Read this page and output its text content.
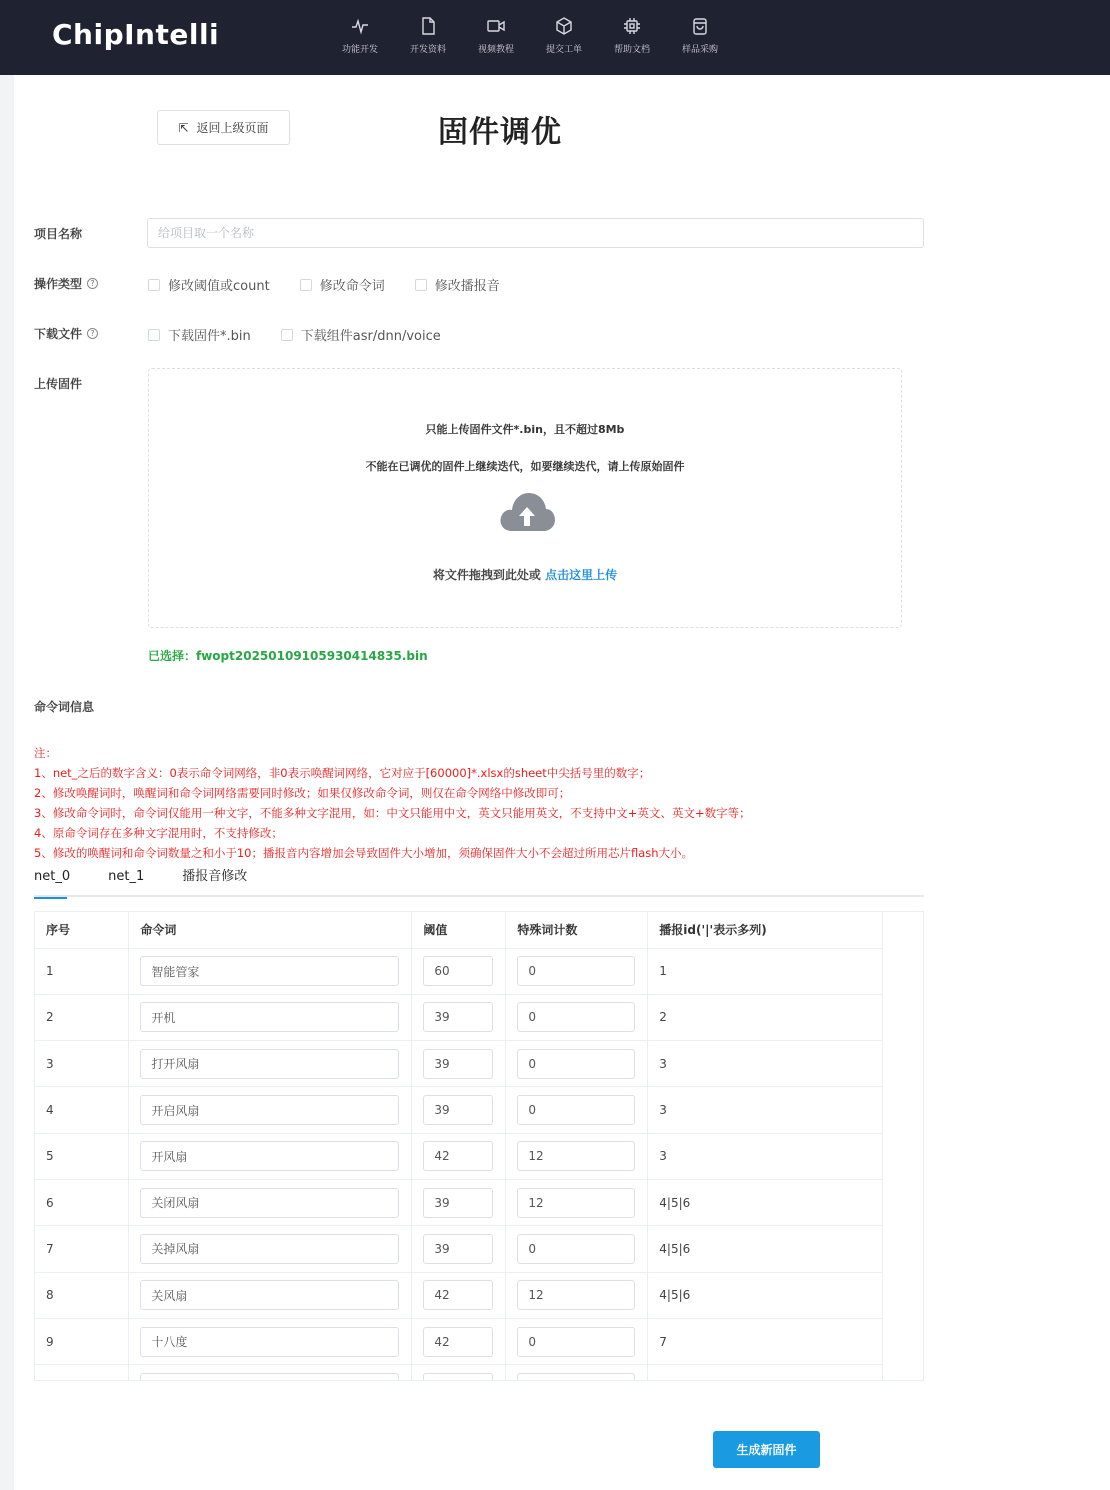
ChipIntelli	功能开发	开发资料	视频教程	提交工单	帮助文档	样品采购
⇱ 返回上级页面	固件调优
项目名称
给项目取一个名称
操作类型	?	修改阈值或count	修改命令词	修改播报音
下载文件	?	下载固件*.bin	下载组件asr/dnn/voice
上传固件
只能上传固件文件*.bin，且不超过8Mb
不能在已调优的固件上继续迭代，如要继续迭代，请上传原始固件
将文件拖拽到此处或 点击这里上传
已选择：fwopt20250109105930414835.bin
命令词信息
注：
1、net_之后的数字含义：0表示命令词网络，非0表示唤醒词网络，它对应于[60000]*.xlsx的sheet中尖括号里的数字；
2、修改唤醒词时，唤醒词和命令词网络需要同时修改；如果仅修改命令词，则仅在命令网络中修改即可；
3、修改命令词时，命令词仅能用一种文字，不能多种文字混用，如：中文只能用中文，英文只能用英文，不支持中文+英文、英文+数字等；
4、原命令词存在多种文字混用时，不支持修改；
5、修改的唤醒词和命令词数量之和小于10；播报音内容增加会导致固件大小增加，须确保固件大小不会超过所用芯片flash大小。
net_0	net_1	播报音修改
序号	命令词	阈值	特殊词计数	播报id('|'表示多列)
1	智能管家	60	0	1
2	开机	39	0	2
3	打开风扇	39	0	3
4	开启风扇	39	0	3
5	开风扇	42	12	3
6	关闭风扇	39	12	4|5|6
7	关掉风扇	39	0	4|5|6
8	关风扇	42	12	4|5|6
9	十八度	42	0	7

生成新固件
